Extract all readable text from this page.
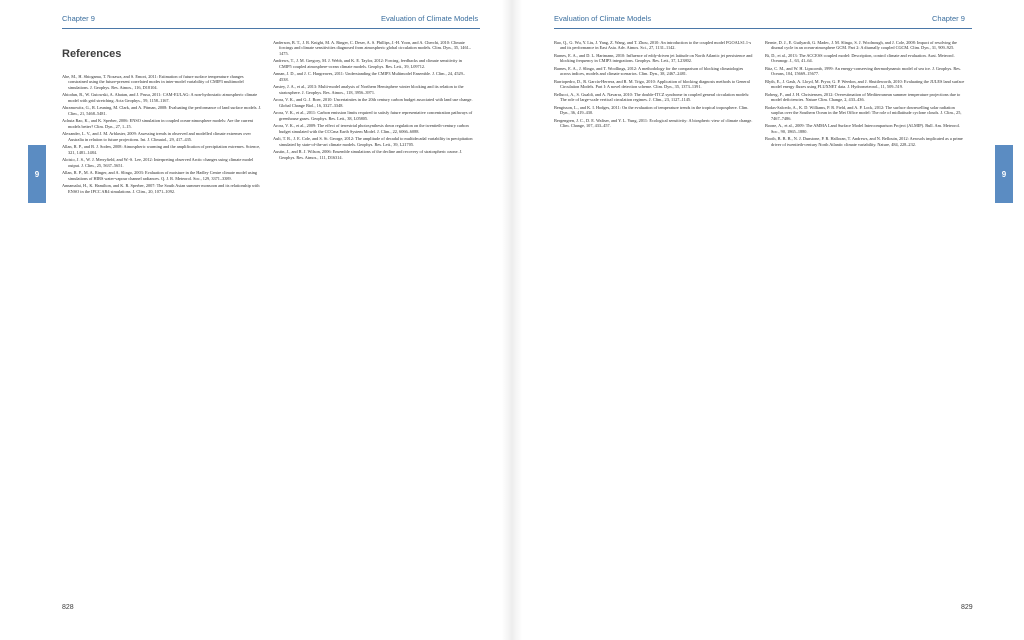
Chapter 9	Evaluation of Climate Models
References
9

Abe, M., H. Shiogama, T. Nozawa, and S. Emori, 2011: Estimation of future surface temperature changes constrained using the future-present correlated modes in inter-model variability of CMIP3 multimodel simulations. J. Geophys. Res. Atmos., 116, D18104.

Abiodun, B., W. Gutowski, A. Abatan, and J. Prusa, 2011: CAM-EULAG: A non-hydrostatic atmospheric climate model with grid stretching. Acta Geophys., 59, 1158–1167.

Abramowitz, G., R. Leuning, M. Clark, and A. Pitman, 2008: Evaluating the performance of land surface models. J. Clim., 21, 5468–5481.

Achuta Rao, K., and K. Sperber, 2006: ENSO simulation in coupled ocean-atmosphere models: Are the current models better? Clim. Dyn., 27, 1–15.

Alexander, L. V., and J. M. Arblaster, 2009: Assessing trends in observed and modelled climate extremes over Australia in relation to future projections. Int. J. Climatol., 29, 417–435.

Allan, R. P., and B. J. Soden, 2008: Atmospheric warming and the amplification of precipitation extremes. Science, 321, 1481–1484.

Aloisio, J. S., W. J. Merryfield, and W.-S. Lee, 2012: Interpreting observed Arctic changes using climate model output. J. Clim., 25, 5637–5651.

Allan, R. P., M. A. Ringer, and A. Slingo, 2003: Evaluation of moisture in the Hadley Centre climate model using simulations of HIRS water-vapour channel radiances. Q. J. R. Meteorol. Soc., 129, 3371–3389.

Annamalai, H., K. Hamilton, and K. R. Sperber, 2007: The South Asian summer monsoon and its relationship with ENSO in the IPCC AR4 simulations. J. Clim., 20, 1071–1092.

Anderson, B. T., J. R. Knight, M. A. Ringer, C. Deser, A. S. Phillips, J.-H. Yoon, and A. Cherchi, 2010: Climate forcings and climate sensitivities diagnosed from atmospheric global circulation models. Clim. Dyn., 35, 1461–1475.

Andrews, T., J. M. Gregory, M. J. Webb, and K. E. Taylor, 2012: Forcing, feedbacks and climate sensitivity in CMIP5 coupled atmosphere-ocean climate models. Geophys. Res. Lett., 39, L09712.

Annan, J. D., and J. C. Hargreaves, 2011: Understanding the CMIP3 Multimodel Ensemble. J. Clim., 24, 4529–4538.

Anstey, J. A., et al., 2013: Multi-model analysis of Northern Hemisphere winter blocking and its relation to the stratosphere. J. Geophys. Res. Atmos., 118, 3956–3971.

Arora, V. K., and G. J. Boer, 2010: Uncertainties in the 20th century carbon budget associated with land use change. Global Change Biol., 16, 3327–3348.

Arora, V. K., et al., 2011: Carbon emission limits required to satisfy future representative concentration pathways of greenhouse gases. Geophys. Res. Lett., 38, L05805.

Arora, V. K., et al., 2009: The effect of terrestrial photosynthesis down regulation on the twentieth-century carbon budget simulated with the CCCma Earth System Model. J. Clim., 22, 6066–6088.

Ault, T. R., J. E. Cole, and S. St. George, 2012: The amplitude of decadal to multidecadal variability in precipitation simulated by state-of-the-art climate models. Geophys. Res. Lett., 39, L21705.

Austin, J., and R. J. Wilson, 2006: Ensemble simulations of the decline and recovery of stratospheric ozone. J. Geophys. Res. Atmos., 111, D16314.

828
Evaluation of Climate Models	Chapter 9
9

Bao, Q., G. Wu, Y. Liu, J. Yang, Z. Wang, and T. Zhou, 2010: An introduction to the coupled model FGOALS1.1-s and its performance in East Asia. Adv. Atmos. Sci., 27, 1131–1142.

Barnes, E. A., and D. L. Hartmann, 2010: Influence of eddy-driven jet latitude on North Atlantic jet persistence and blocking frequency in CMIP3 integrations. Geophys. Res. Lett., 37, L23802.

Barnes, E. A., J. Slingo, and T. Woollings, 2012: A methodology for the comparison of blocking climatologies across indices, models and climate scenarios. Clim. Dyn., 38, 2467–2481.

Barriopedro, D., R. García-Herrera, and R. M. Trigo, 2010: Application of blocking diagnosis methods to General Circulation Models. Part I: A novel detection scheme. Clim. Dyn., 35, 1373–1391.

Bellucci, A., S. Gualdi, and A. Navarra, 2010: The double-ITCZ syndrome in coupled general circulation models: The role of large-scale vertical circulation regimes. J. Clim., 23, 1127–1145.

Bengtsson, L., and K. I. Hodges, 2011: On the evaluation of temperature trends in the tropical troposphere. Clim. Dyn., 36, 419–430.

Bergengren, J. C., D. E. Waliser, and Y. L. Yung, 2011: Ecological sensitivity: A biospheric view of climate change. Clim. Change, 107, 433–457.

Bernie, D. J., E. Guilyardi, G. Madec, J. M. Slingo, S. J. Woolnough, and J. Cole, 2008: Impact of resolving the diurnal cycle in an ocean-atmosphere GCM. Part 2: A diurnally coupled CGCM. Clim. Dyn., 31, 909–925.

Bi, D., et al., 2013: The ACCESS coupled model: Description, control climate and evaluation. Aust. Meteorol. Oceanogr. J., 63, 41–64.

Bitz, C. M., and W. H. Lipscomb, 1999: An energy-conserving thermodynamic model of sea ice. J. Geophys. Res. Oceans, 104, 15669–15677.

Blyth, E., J. Gash, A. Lloyd, M. Pryor, G. P. Weedon, and J. Shuttleworth, 2010: Evaluating the JULES land surface model energy fluxes using FLUXNET data. J. Hydrometeorol., 11, 509–519.

Boberg, F., and J. H. Christensen, 2012: Overestimation of Mediterranean summer temperature projections due to model deficiencies. Nature Clim. Change, 2, 433–436.

Bodas-Salcedo, A., K. D. Williams, P. R. Field, and A. P. Lock, 2012: The surface downwelling solar radiation surplus over the Southern Ocean in the Met Office model: The role of midlatitude cyclone clouds. J. Clim., 25, 7467–7486.

Boone, A., et al., 2009: The AMMA Land Surface Model Intercomparison Project (ALMIP). Bull. Am. Meteorol. Soc., 90, 1865–1880.

Booth, B. B. B., N. J. Dunstone, P. R. Halloran, T. Andrews, and N. Bellouin, 2012: Aerosols implicated as a prime driver of twentieth-century North Atlantic climate variability. Nature, 484, 228–232.

829
